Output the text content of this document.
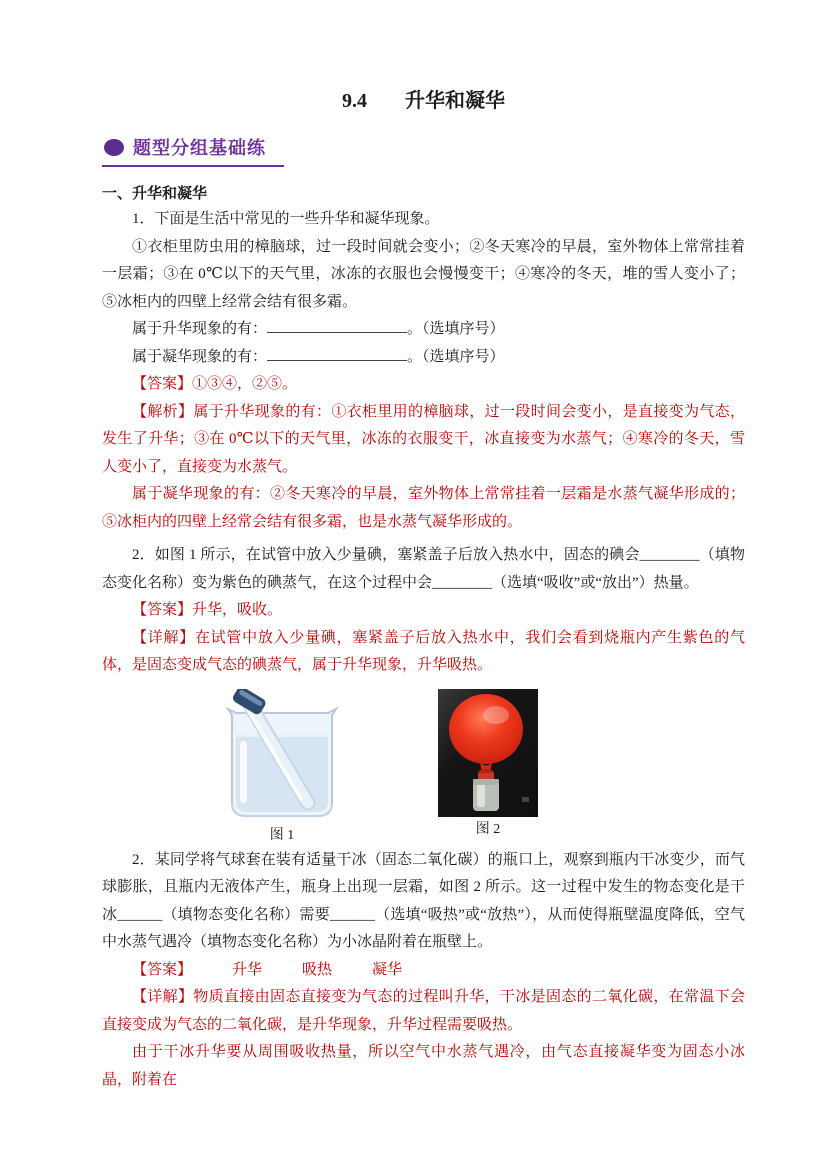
9.4 升华和凝华
题型分组基础练
一、升华和凝华

1．下面是生活中常见的一些升华和凝华现象。

①衣柜里防虫用的樟脑球，过一段时间就会变小；②冬天寒冷的早晨，室外物体上常常挂着一层霜；③在 0℃以下的天气里，冰冻的衣服也会慢慢变干；④寒冷的冬天，堆的雪人变小了；⑤冰柜内的四壁上经常会结有很多霜。

属于升华现象的有：	。（选填序号）

属于凝华现象的有：	。（选填序号）

【答案】①③④，②⑤。

【解析】属于升华现象的有：①衣柜里用的樟脑球，过一段时间会变小，是直接变为气态，发生了升华；③在 0℃以下的天气里，冰冻的衣服变干，冰直接变为水蒸气；④寒冷的冬天，雪人变小了，直接变为水蒸气。

属于凝华现象的有：②冬天寒冷的早晨，室外物体上常常挂着一层霜是水蒸气凝华形成的；⑤冰柜内的四壁上经常会结有很多霜，也是水蒸气凝华形成的。

2．如图 1 所示，在试管中放入少量碘，塞紧盖子后放入热水中，固态的碘会________（填物态变化名称）变为紫色的碘蒸气，在这个过程中会________（选填“吸收”或“放出”）热量。

【答案】升华，吸收。

【详解】在试管中放入少量碘，塞紧盖子后放入热水中，我们会看到烧瓶内产生紫色的气体，是固态变成气态的碘蒸气，属于升华现象，升华吸热。

图 1	图 2

2．某同学将气球套在装有适量干冰（固态二氧化碳）的瓶口上，观察到瓶内干冰变少，而气球膨胀，且瓶内无液体产生，瓶身上出现一层霜，如图 2 所示。这一过程中发生的物态变化是干冰______（填物态变化名称）需要______（选填“吸热”或“放热”），从而使得瓶壁温度降低，空气中水蒸气遇冷（填物态变化名称）为小冰晶附着在瓶壁上。

【答案】	升华	吸热	凝华

【详解】物质直接由固态直接变为气态的过程叫升华，干冰是固态的二氧化碳，在常温下会直接变成为气态的二氧化碳，是升华现象，升华过程需要吸热。

由于干冰升华要从周围吸收热量，所以空气中水蒸气遇冷，由气态直接凝华变为固态小冰晶，附着在
